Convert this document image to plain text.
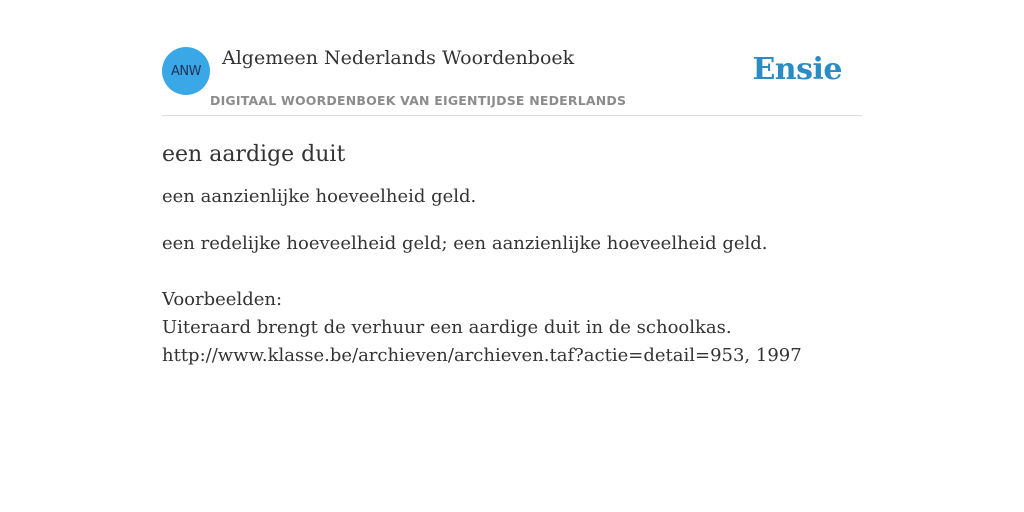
ANW
Algemeen Nederlands Woordenboek
DIGITAAL WOORDENBOEK VAN EIGENTIJDSE NEDERLANDS
Ensie
een aardige duit

een aanzienlijke hoeveelheid geld.

een redelijke hoeveelheid geld; een aanzienlijke hoeveelheid geld.

Voorbeelden:
Uiteraard brengt de verhuur een aardige duit in de schoolkas.
http://www.klasse.be/archieven/archieven.taf?actie=detail=953, 1997
